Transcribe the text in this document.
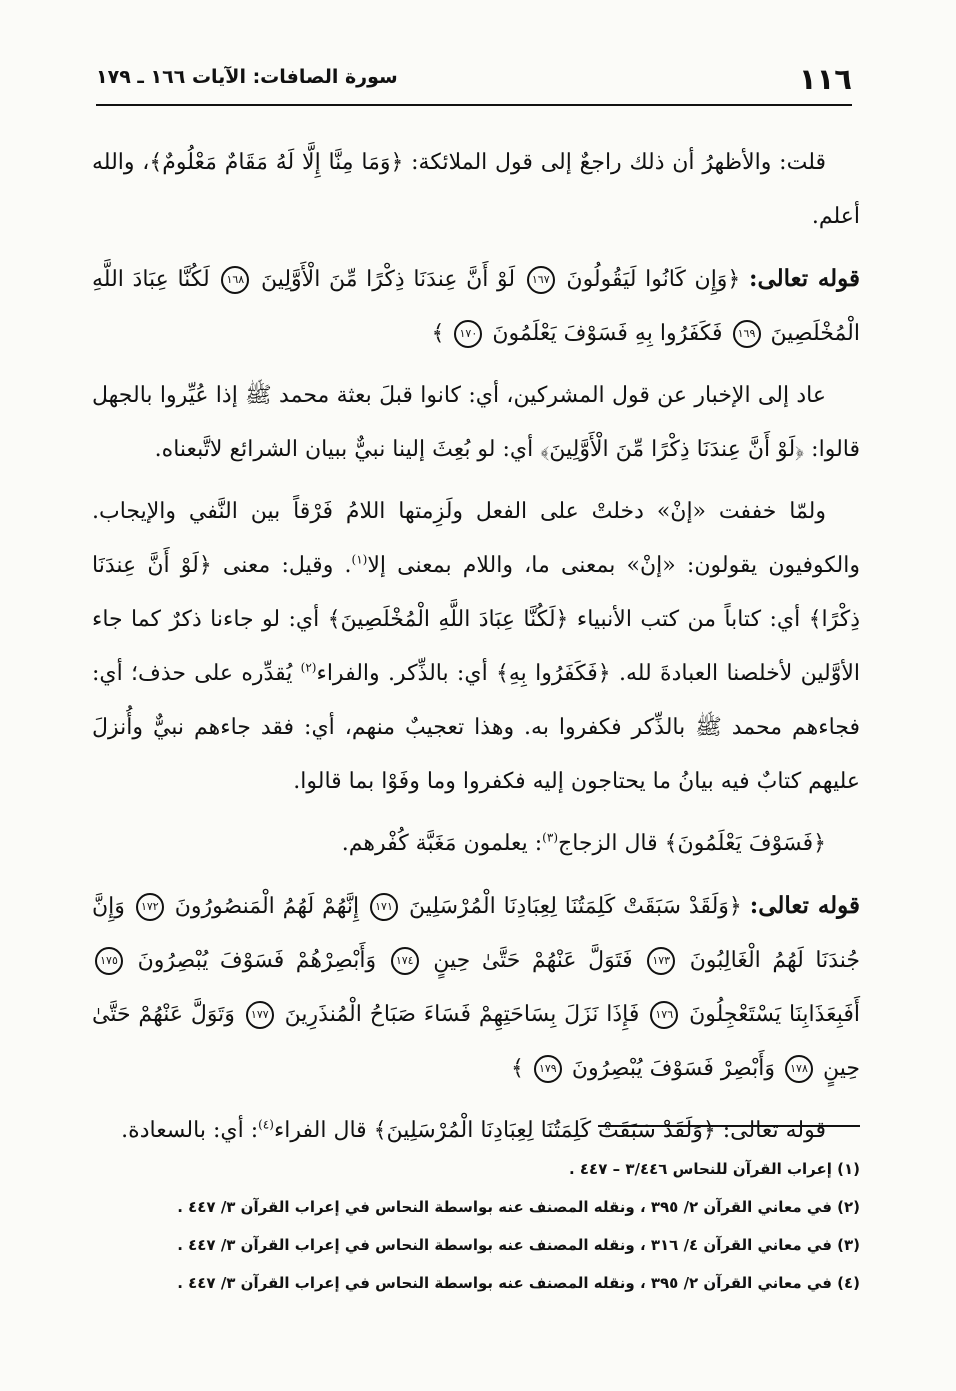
١١٦
سورة الصافات: الآيات ١٦٦ ـ ١٧٩

قلت: والأظهرُ أن ذلك راجعٌ إلى قول الملائكة: ﴿وَمَا مِنَّا إِلَّا لَهُ مَقَامٌ مَعْلُومٌ﴾، والله أعلم.

قوله تعالى: ﴿وَإِن كَانُوا لَيَقُولُونَ ١٦٧ لَوْ أَنَّ عِندَنَا ذِكْرًا مِّنَ الْأَوَّلِينَ ١٦٨ لَكُنَّا عِبَادَ اللَّهِ الْمُخْلَصِينَ ١٦٩ فَكَفَرُوا بِهِ فَسَوْفَ يَعْلَمُونَ ١٧٠ ﴾

عاد إلى الإخبار عن قول المشركين، أي: كانوا قبلَ بعثة محمد ﷺ إذا عُيِّروا بالجهل قالوا: ﴿لَوْ أَنَّ عِندَنَا ذِكْرًا مِّنَ الْأَوَّلِينَ﴾ أي: لو بُعِثَ إلينا نبيٌّ ببيان الشرائع لاتَّبعناه.

ولمّا خففت «إنْ» دخلتْ على الفعل ولَزِمتها اللامُ فَرْقاً بين النَّفي والإيجاب. والكوفيون يقولون: «إنْ» بمعنى ما، واللام بمعنى إلا$^{(١)}$. وقيل: معنى ﴿لَوْ أَنَّ عِندَنَا ذِكْرًا﴾ أي: كتاباً من كتب الأنبياء ﴿لَكُنَّا عِبَادَ اللَّهِ الْمُخْلَصِينَ﴾ أي: لو جاءنا ذكرٌ كما جاء الأوَّلين لأخلصنا العبادةَ لله. ﴿فَكَفَرُوا بِهِ﴾ أي: بالذِّكر. والفراء$^{(٢)}$ يُقدِّره على حذف؛ أي: فجاءهم محمد ﷺ بالذِّكر فكفروا به. وهذا تعجيبٌ منهم، أي: فقد جاءهم نبيٌّ وأُنزلَ عليهم كتابٌ فيه بيانُ ما يحتاجون إليه فكفروا وما وفَوْا بما قالوا.

﴿فَسَوْفَ يَعْلَمُونَ﴾ قال الزجاج$^{(٣)}$: يعلمون مَغَبَّة كُفْرهم.

قوله تعالى: ﴿وَلَقَدْ سَبَقَتْ كَلِمَتُنَا لِعِبَادِنَا الْمُرْسَلِينَ ١٧١ إِنَّهُمْ لَهُمُ الْمَنصُورُونَ ١٧٢ وَإِنَّ جُندَنَا لَهُمُ الْغَالِبُونَ ١٧٣ فَتَوَلَّ عَنْهُمْ حَتَّىٰ حِينٍ ١٧٤ وَأَبْصِرْهُمْ فَسَوْفَ يُبْصِرُونَ ١٧٥ أَفَبِعَذَابِنَا يَسْتَعْجِلُونَ ١٧٦ فَإِذَا نَزَلَ بِسَاحَتِهِمْ فَسَاءَ صَبَاحُ الْمُنذَرِينَ ١٧٧ وَتَوَلَّ عَنْهُمْ حَتَّىٰ حِينٍ ١٧٨ وَأَبْصِرْ فَسَوْفَ يُبْصِرُونَ ١٧٩ ﴾

قوله تعالى: ﴿وَلَقَدْ سَبَقَتْ كَلِمَتُنَا لِعِبَادِنَا الْمُرْسَلِينَ﴾ قال الفراء$^{(٤)}$: أي: بالسعادة.

(١) إعراب القرآن للنحاس ٣/٤٤٦ – ٤٤٧ .
(٢) في معاني القرآن ٢/ ٣٩٥ ، ونقله المصنف عنه بواسطة النحاس في إعراب القرآن ٣/ ٤٤٧ .
(٣) في معاني القرآن ٤/ ٣١٦ ، ونقله المصنف عنه بواسطة النحاس في إعراب القرآن ٣/ ٤٤٧ .
(٤) في معاني القرآن ٢/ ٣٩٥ ، ونقله المصنف عنه بواسطة النحاس في إعراب القرآن ٣/ ٤٤٧ .
